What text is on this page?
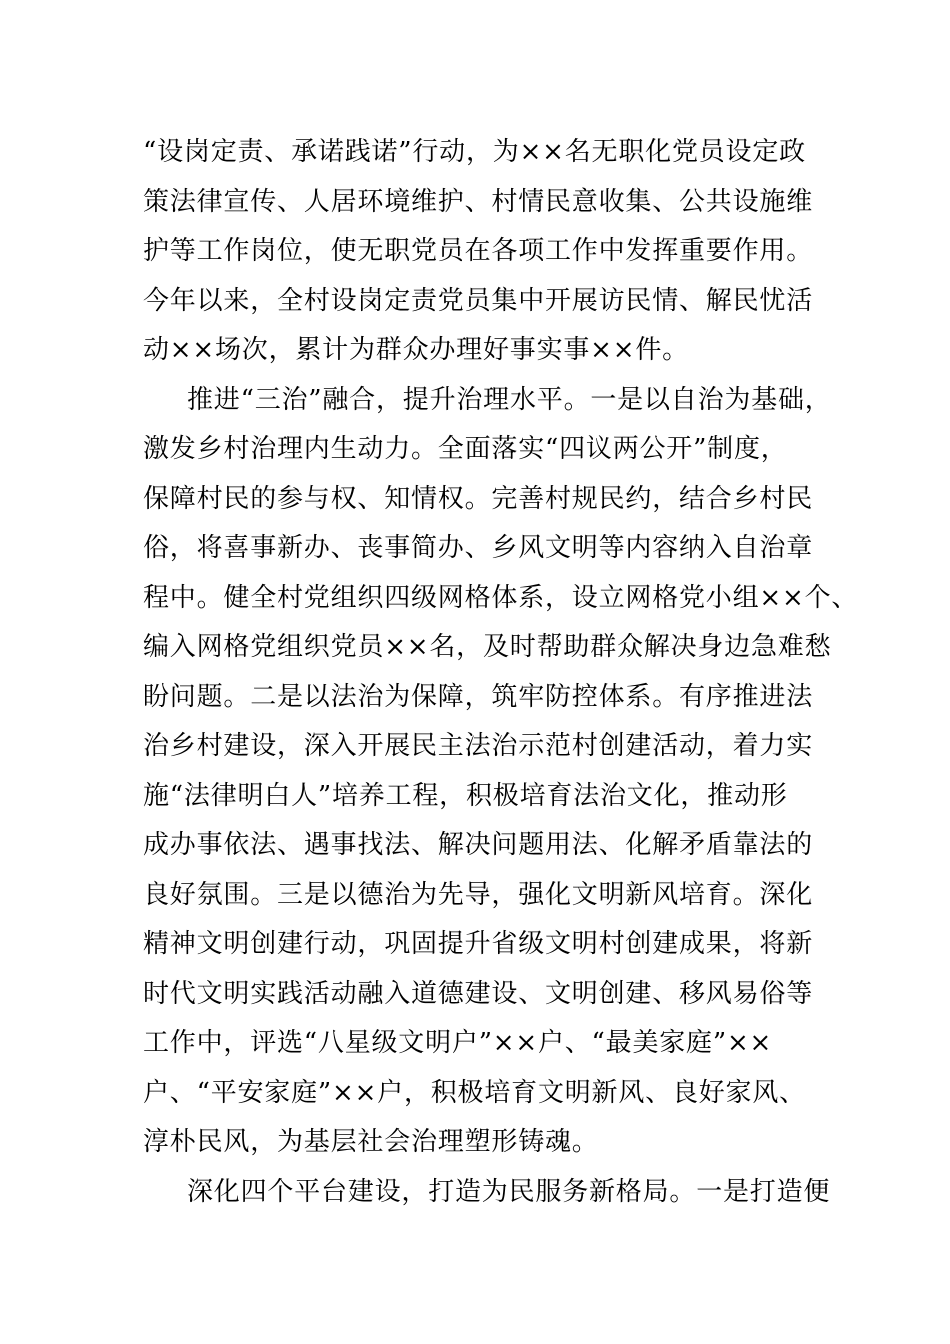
“设岗定责、承诺践诺”行动，为××名无职化党员设定政
策法律宣传、人居环境维护、村情民意收集、公共设施维
护等工作岗位，使无职党员在各项工作中发挥重要作用。
今年以来，全村设岗定责党员集中开展访民情、解民忧活
动××场次，累计为群众办理好事实事××件。
推进“三治”融合，提升治理水平。一是以自治为基础，
激发乡村治理内生动力。全面落实“四议两公开”制度，
保障村民的参与权、知情权。完善村规民约，结合乡村民
俗，将喜事新办、丧事简办、乡风文明等内容纳入自治章
程中。健全村党组织四级网格体系，设立网格党小组××个、
编入网格党组织党员××名，及时帮助群众解决身边急难愁
盼问题。二是以法治为保障，筑牢防控体系。有序推进法
治乡村建设，深入开展民主法治示范村创建活动，着力实
施“法律明白人”培养工程，积极培育法治文化，推动形
成办事依法、遇事找法、解决问题用法、化解矛盾靠法的
良好氛围。三是以德治为先导，强化文明新风培育。深化
精神文明创建行动，巩固提升省级文明村创建成果，将新
时代文明实践活动融入道德建设、文明创建、移风易俗等
工作中，评选“八星级文明户”××户、“最美家庭”××
户、“平安家庭”××户，积极培育文明新风、良好家风、
淳朴民风，为基层社会治理塑形铸魂。
深化四个平台建设，打造为民服务新格局。一是打造便
